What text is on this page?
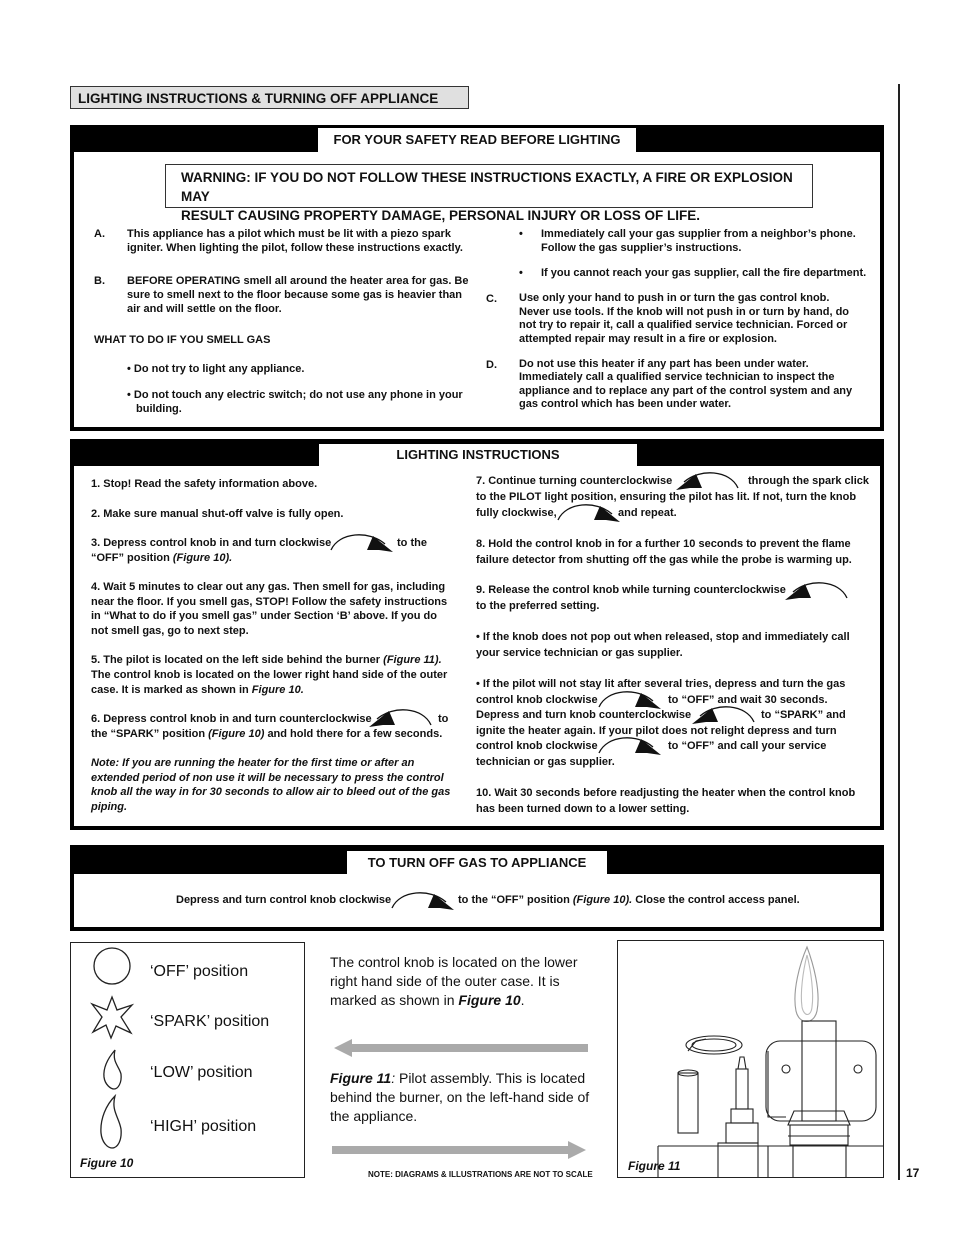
LIGHTING INSTRUCTIONS & TURNING OFF APPLIANCE
17
FOR YOUR SAFETY READ BEFORE LIGHTING
WARNING: IF YOU DO NOT FOLLOW THESE INSTRUCTIONS EXACTLY, A FIRE OR EXPLOSION MAY
RESULT CAUSING PROPERTY DAMAGE, PERSONAL INJURY OR LOSS OF LIFE.
A. This appliance has a pilot which must be lit with a piezo spark igniter. When lighting the pilot, follow these instructions exactly.
B. BEFORE OPERATING smell all around the heater area for gas. Be sure to smell next to the floor because some gas is heavier than air and will settle on the floor.
WHAT TO DO IF YOU SMELL GAS
• Do not try to light any appliance.
• Do not touch any electric switch; do not use any phone in your building.
• Immediately call your gas supplier from a neighbor’s phone. Follow the gas supplier’s instructions.
• If you cannot reach your gas supplier, call the fire department.
C. Use only your hand to push in or turn the gas control knob. Never use tools. If the knob will not push in or turn by hand, do not try to repair it, call a qualified service technician. Forced or attempted repair may result in a fire or explosion.
D. Do not use this heater if any part has been under water. Immediately call a qualified service technician to inspect the appliance and to replace any part of the control system and any gas control which has been under water.
LIGHTING INSTRUCTIONS
1. Stop! Read the safety information above.
2. Make sure manual shut-off valve is fully open.
3. Depress control knob in and turn clockwise	to the
“OFF” position (Figure 10).
4. Wait 5 minutes to clear out any gas. Then smell for gas, including near the floor. If you smell gas, STOP! Follow the safety instructions in “What to do if you smell gas” under Section ‘B’ above. If you do not smell gas, go to next step.
5. The pilot is located on the left side behind the burner (Figure 11). The control knob is located on the lower right hand side of the outer case. It is marked as shown in Figure 10.
6. Depress control knob in and turn counterclockwise	to
the “SPARK” position (Figure 10) and hold there for a few seconds.
Note: If you are running the heater for the first time or after an extended period of non use it will be necessary to press the control knob all the way in for 30 seconds to allow air to bleed out of the gas piping.
7. Continue turning counterclockwise	through the spark click
to the PILOT light position, ensuring the pilot has lit. If not, turn the knob
fully clockwise,	and repeat.
8. Hold the control knob in for a further 10 seconds to prevent the flame failure detector from shutting off the gas while the probe is warming up.
9. Release the control knob while turning counterclockwise
to the preferred setting.
• If the knob does not pop out when released, stop and immediately call your service technician or gas supplier.
• If the pilot will not stay lit after several tries, depress and turn the gas
control knob clockwise	to “OFF” and wait 30 seconds.
Depress and turn knob counterclockwise	to “SPARK” and
ignite the heater again. If your pilot does not relight depress and turn
control knob clockwise	to “OFF” and call your service
technician or gas supplier.
10. Wait 30 seconds before readjusting the heater when the control knob has been turned down to a lower setting.
TO TURN OFF GAS TO APPLIANCE
Depress and turn control knob clockwise	to the “OFF” position (Figure 10). Close the control access panel.
‘OFF’ position
‘SPARK’ position
‘LOW’ position
‘HIGH’ position
Figure 10
The control knob is located on the lower right hand side of the outer case. It is marked as shown in Figure 10.
Figure 11: Pilot assembly. This is located behind the burner, on the left-hand side of the appliance.
NOTE: DIAGRAMS & ILLUSTRATIONS ARE NOT TO SCALE
Figure 11
